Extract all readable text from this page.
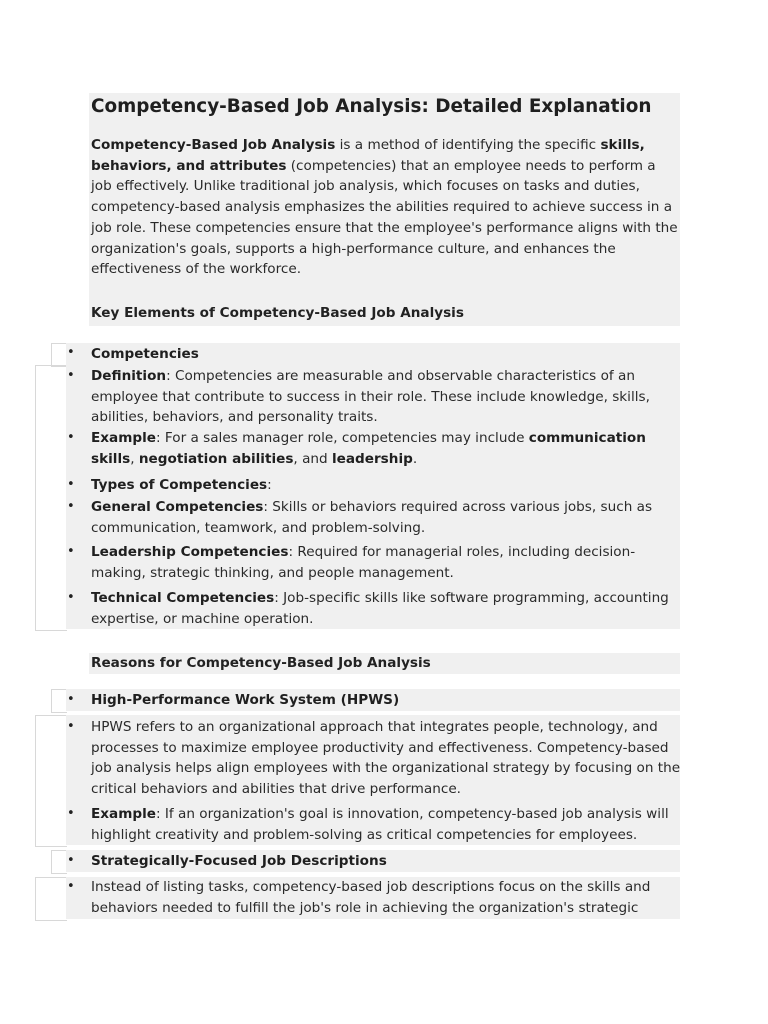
Competency-Based Job Analysis: Detailed Explanation
Competency-Based Job Analysis is a method of identifying the specific skills, behaviors, and attributes (competencies) that an employee needs to perform a job effectively. Unlike traditional job analysis, which focuses on tasks and duties, competency-based analysis emphasizes the abilities required to achieve success in a job role. These competencies ensure that the employee's performance aligns with the organization's goals, supports a high-performance culture, and enhances the effectiveness of the workforce.
Key Elements of Competency-Based Job Analysis
• Competencies
• Definition: Competencies are measurable and observable characteristics of an employee that contribute to success in their role. These include knowledge, skills, abilities, behaviors, and personality traits.
• Example: For a sales manager role, competencies may include communication skills, negotiation abilities, and leadership.
• Types of Competencies:
• General Competencies: Skills or behaviors required across various jobs, such as communication, teamwork, and problem-solving.
• Leadership Competencies: Required for managerial roles, including decision-making, strategic thinking, and people management.
• Technical Competencies: Job-specific skills like software programming, accounting expertise, or machine operation.
Reasons for Competency-Based Job Analysis
• High-Performance Work System (HPWS)
• HPWS refers to an organizational approach that integrates people, technology, and processes to maximize employee productivity and effectiveness. Competency-based job analysis helps align employees with the organizational strategy by focusing on the critical behaviors and abilities that drive performance.
• Example: If an organization's goal is innovation, competency-based job analysis will highlight creativity and problem-solving as critical competencies for employees.
• Strategically-Focused Job Descriptions
• Instead of listing tasks, competency-based job descriptions focus on the skills and behaviors needed to fulfill the job's role in achieving the organization's strategic
